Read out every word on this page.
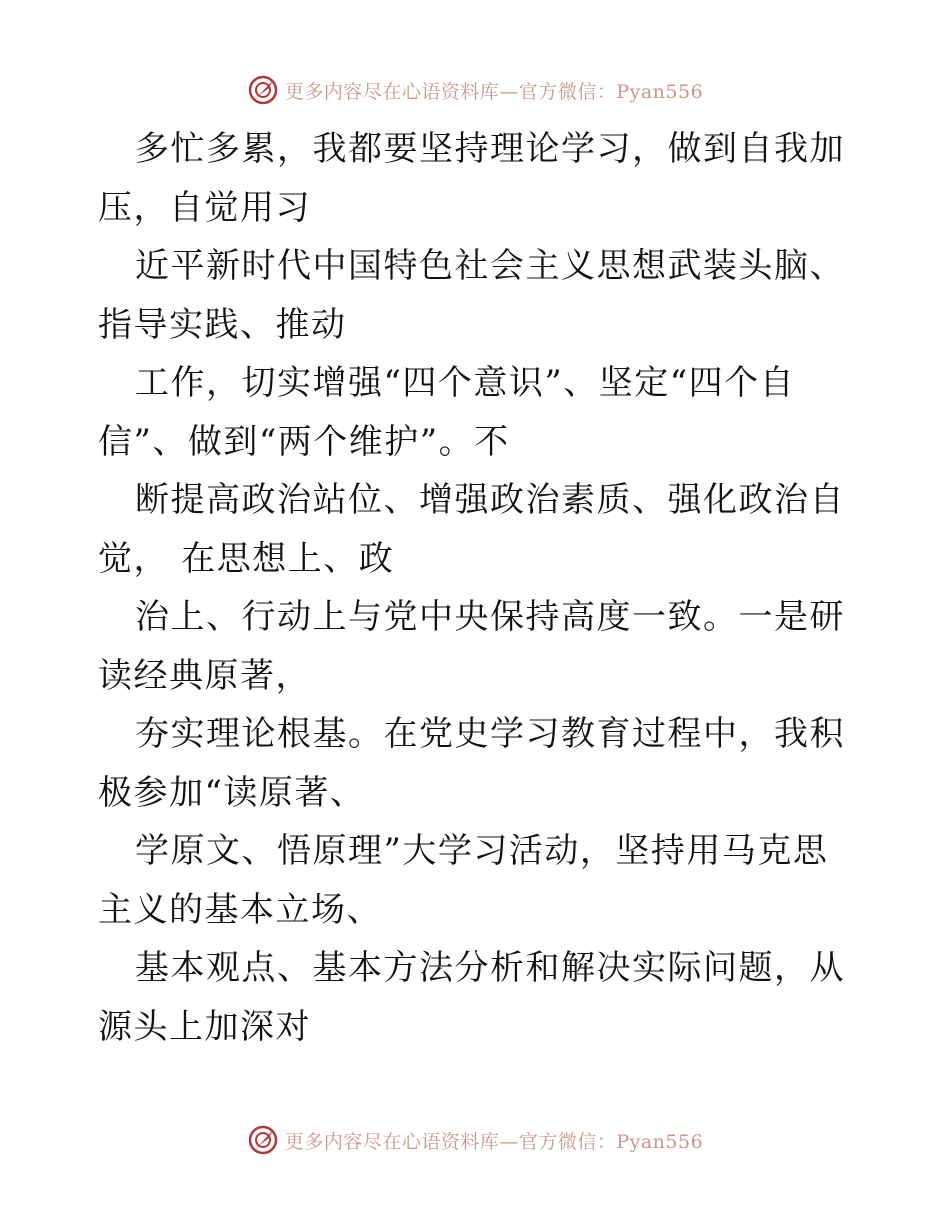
更多内容尽在心语资料库—官方微信：Pyan556

多忙多累，我都要坚持理论学习，做到自我加压，自觉用习

近平新时代中国特色社会主义思想武装头脑、指导实践、推动

工作，切实增强“四个意识”、坚定“四个自信”、做到“两个维护”。不

断提高政治站位、增强政治素质、强化政治自觉， 在思想上、政

治上、行动上与党中央保持高度一致。一是研读经典原著，

夯实理论根基。在党史学习教育过程中，我积极参加“读原著、

学原文、悟原理”大学习活动，坚持用马克思主义的基本立场、

基本观点、基本方法分析和解决实际问题，从源头上加深对

更多内容尽在心语资料库—官方微信：Pyan556
